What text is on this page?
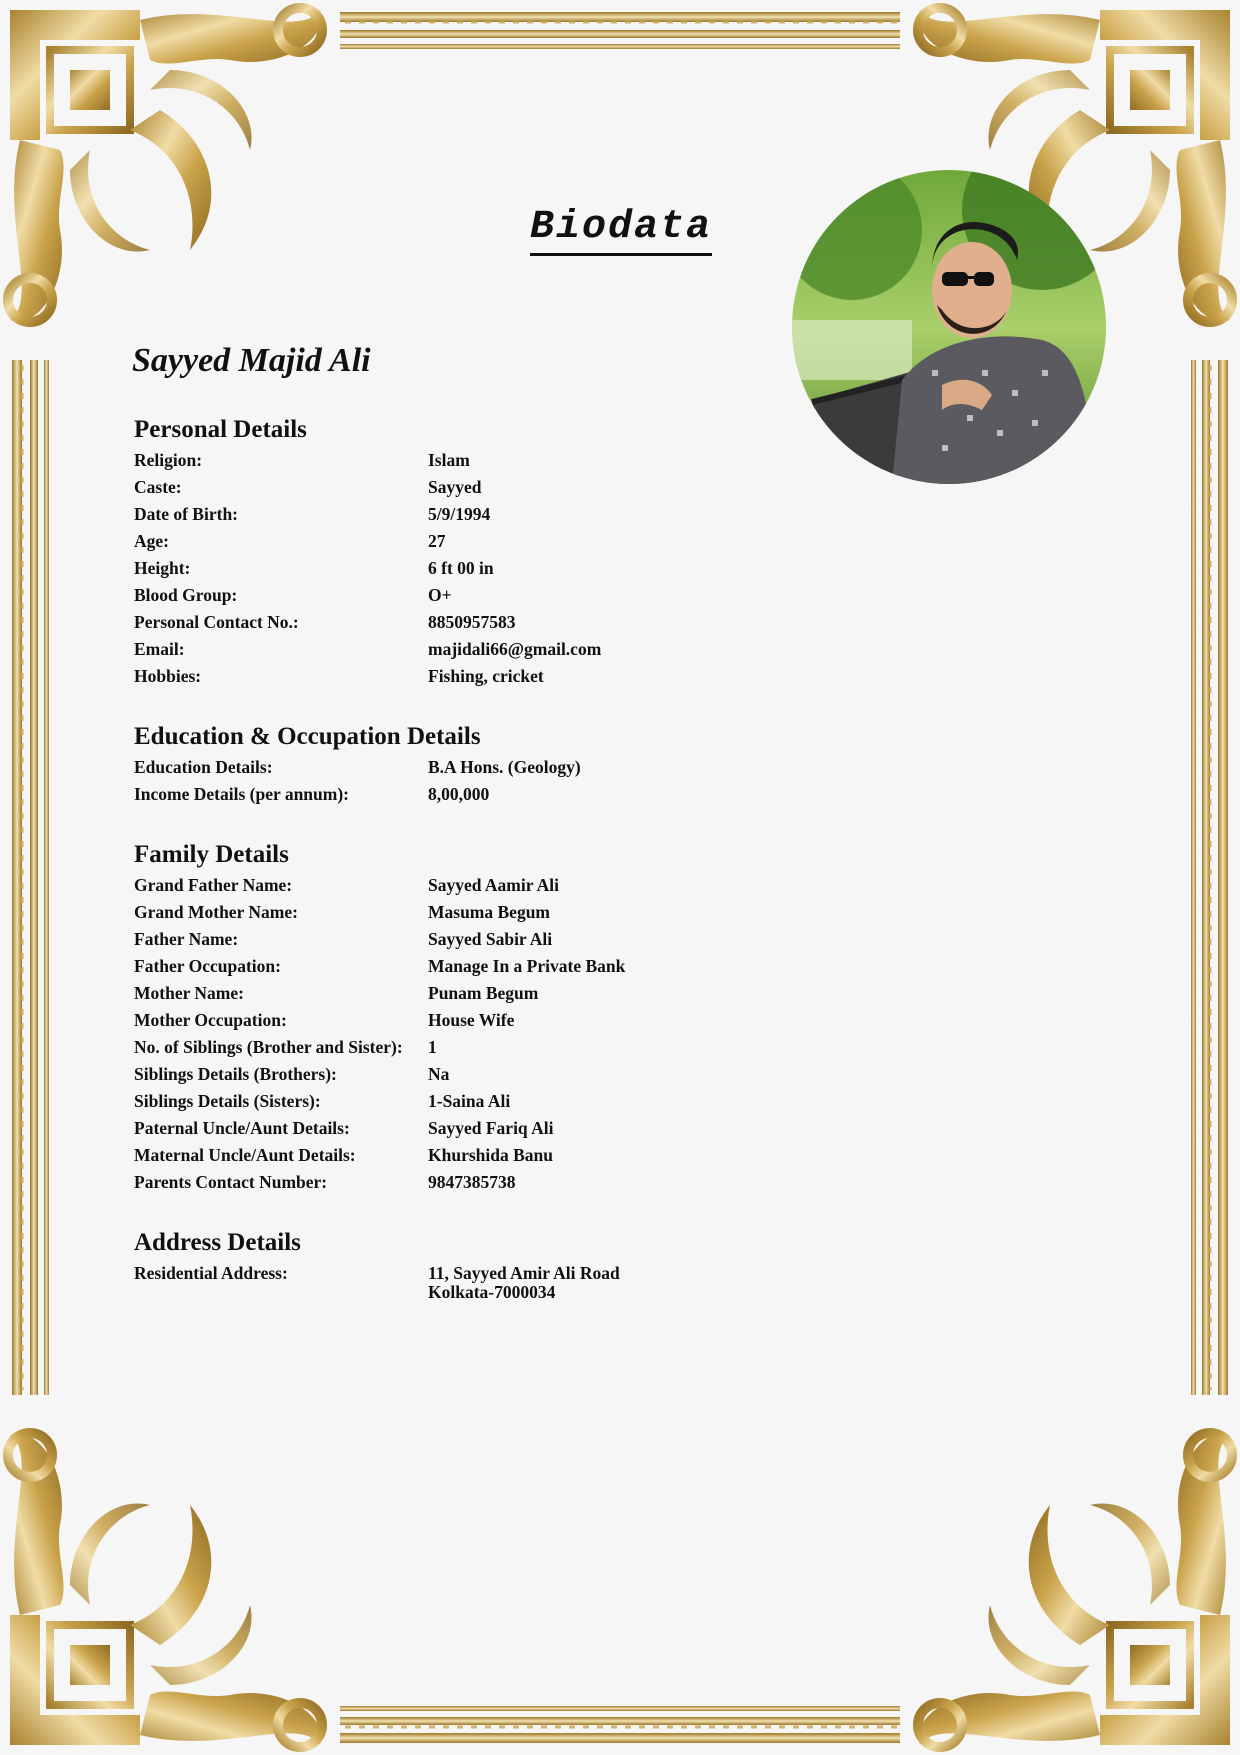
Biodata
Sayyed Majid Ali
Personal Details
Religion:	Islam
Caste:	Sayyed
Date of Birth:	5/9/1994
Age:	27
Height:	6 ft 00 in
Blood Group:	O+
Personal Contact No.:	8850957583
Email:	majidali66@gmail.com
Hobbies:	Fishing, cricket
Education & Occupation Details
Education Details:	B.A Hons. (Geology)
Income Details (per annum):	8,00,000
Family Details
Grand Father Name:	Sayyed Aamir Ali
Grand Mother Name:	Masuma Begum
Father Name:	Sayyed Sabir Ali
Father Occupation:	Manage In a Private Bank
Mother Name:	Punam Begum
Mother Occupation:	House Wife
No. of Siblings (Brother and Sister):	1
Siblings Details (Brothers):	Na
Siblings Details (Sisters):	1-Saina Ali
Paternal Uncle/Aunt Details:	Sayyed Fariq Ali
Maternal Uncle/Aunt Details:	Khurshida Banu
Parents Contact Number:	9847385738
Address Details
Residential Address:	11, Sayyed Amir Ali Road
Kolkata-7000034
